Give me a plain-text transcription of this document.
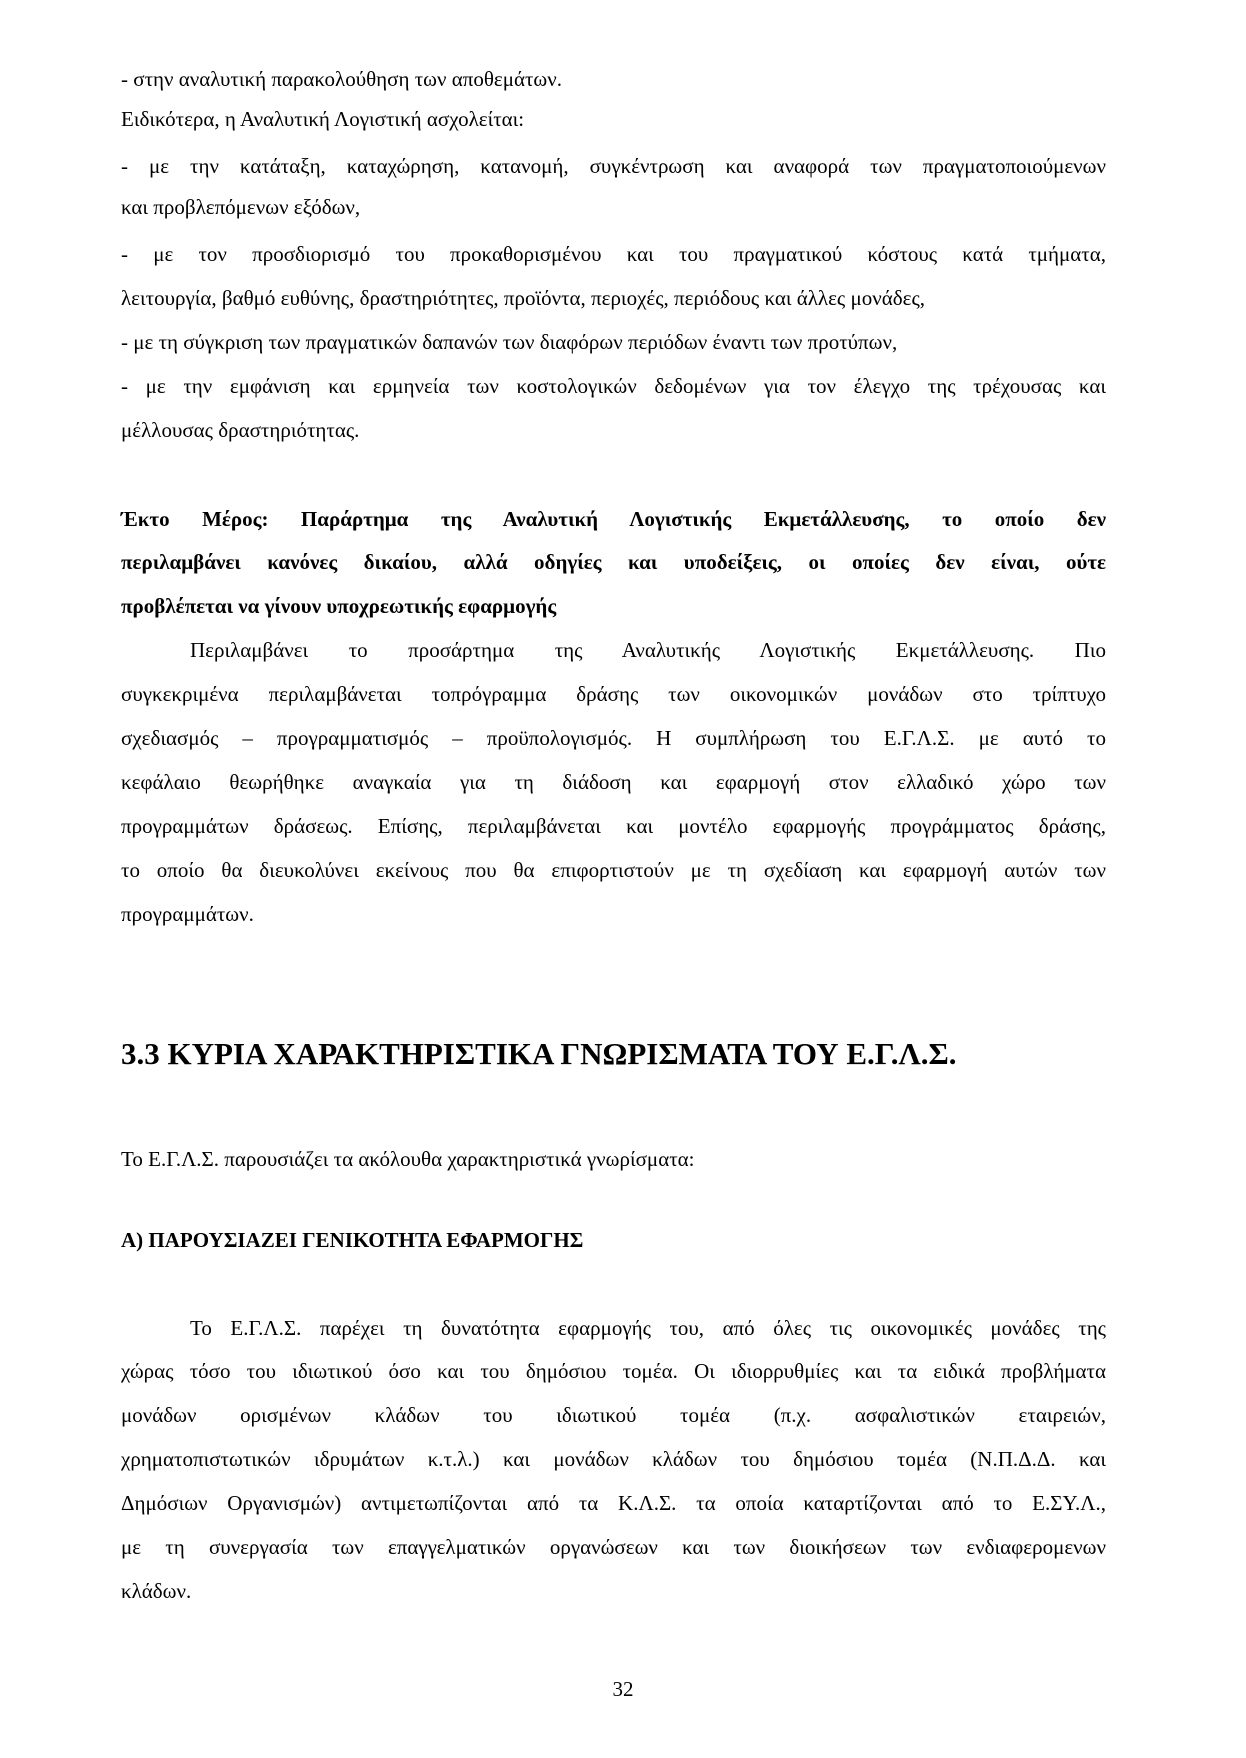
- στην αναλυτική παρακολούθηση των αποθεμάτων.
Ειδικότερα, η Αναλυτική Λογιστική ασχολείται:
- με την κατάταξη, καταχώρηση, κατανομή, συγκέντρωση και αναφορά των πραγματοποιούμενων
και προβλεπόμενων εξόδων,
- με τον προσδιορισμό του προκαθορισμένου και του πραγματικού κόστους κατά τμήματα,
λειτουργία, βαθμό ευθύνης, δραστηριότητες, προϊόντα, περιοχές, περιόδους και άλλες μονάδες,
- με τη σύγκριση των πραγματικών δαπανών των διαφόρων περιόδων έναντι των προτύπων,
- με την εμφάνιση και ερμηνεία των κοστολογικών δεδομένων για τον έλεγχο της τρέχουσας και
μέλλουσας δραστηριότητας.
Έκτο Μέρος: Παράρτημα της Αναλυτική Λογιστικής Εκμετάλλευσης, το οποίο δεν
περιλαμβάνει κανόνες δικαίου, αλλά οδηγίες και υποδείξεις, οι οποίες δεν είναι, ούτε
προβλέπεται να γίνουν υποχρεωτικής εφαρμογής
Περιλαμβάνει το προσάρτημα της Αναλυτικής Λογιστικής Εκμετάλλευσης. Πιο
συγκεκριμένα περιλαμβάνεται τοπρόγραμμα δράσης των οικονομικών μονάδων στο τρίπτυχο
σχεδιασμός – προγραμματισμός – προϋπολογισμός. Η συμπλήρωση του Ε.Γ.Λ.Σ. με αυτό το
κεφάλαιο θεωρήθηκε αναγκαία για τη διάδοση και εφαρμογή στον ελλαδικό χώρο των
προγραμμάτων δράσεως. Επίσης, περιλαμβάνεται και μοντέλο εφαρμογής προγράμματος δράσης,
το οποίο θα διευκολύνει εκείνους που θα επιφορτιστούν με τη σχεδίαση και εφαρμογή αυτών των
προγραμμάτων.
3.3 ΚΥΡΙΑ ΧΑΡΑΚΤΗΡΙΣΤΙΚΑ ΓΝΩΡΙΣΜΑΤΑ ΤΟΥ Ε.Γ.Λ.Σ.
Το Ε.Γ.Λ.Σ. παρουσιάζει τα ακόλουθα χαρακτηριστικά γνωρίσματα:
Α) ΠΑΡΟΥΣΙΑΖΕΙ ΓΕΝΙΚΟΤΗΤΑ ΕΦΑΡΜΟΓΗΣ
Το Ε.Γ.Λ.Σ. παρέχει τη δυνατότητα εφαρμογής του, από όλες τις οικονομικές μονάδες της
χώρας τόσο του ιδιωτικού όσο και του δημόσιου τομέα. Οι ιδιορρυθμίες και τα ειδικά προβλήματα
μονάδων ορισμένων κλάδων του ιδιωτικού τομέα (π.χ. ασφαλιστικών εταιρειών,
χρηματοπιστωτικών ιδρυμάτων κ.τ.λ.) και μονάδων κλάδων του δημόσιου τομέα (Ν.Π.Δ.Δ. και
Δημόσιων Οργανισμών) αντιμετωπίζονται από τα Κ.Λ.Σ. τα οποία καταρτίζονται από το Ε.ΣΥ.Λ.,
με τη συνεργασία των επαγγελματικών οργανώσεων και των διοικήσεων των ενδιαφερομενων
κλάδων.
32
